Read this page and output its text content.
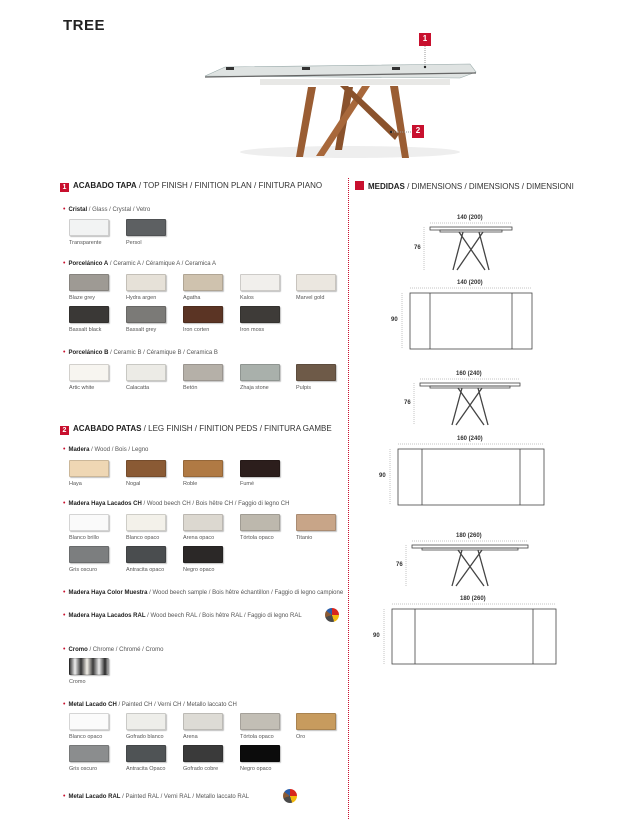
TREE
1
2
1 ACABADO TAPA / TOP FINISH / FINITION PLAN / FINITURA PIANO
2 ACABADO PATAS / LEG FINISH / FINITION PEDS / FINITURA GAMBE
MEDIDAS / DIMENSIONS / DIMENSIONS / DIMENSIONI
• Cristal / Glass / Crystal / Vetro
Transparente	Persol
• Porcelánico A / Ceramic A / Céramique A / Ceramica A
Blaze grey	Hydra argen	Agatha	Kalos	Marvel gold
Bassalt black	Bassalt grey	Iron corten	Iron moss
• Porcelánico B / Ceramic B / Céramique B / Ceramica B
Artic white	Calacatta	Betón	Zhaja stone	Pulpis
• Madera / Wood / Bois / Legno
Haya	Nogal	Roble	Fumé
• Madera Haya Lacados CH / Wood beech CH / Bois hêtre CH / Faggio di legno CH
Blanco brillo	Blanco opaco	Arena opaco	Tórtola opaco	Titanio
Gris oscuro	Antracita opaco	Negro opaco
• Madera Haya Color Muestra / Wood beech sample / Bois hêtre échantillon / Faggio di legno campione
• Madera Haya Lacados RAL / Wood beech RAL / Bois hêtre RAL / Faggio di legno RAL
• Cromo / Chrome / Chromé / Cromo
Cromo
• Metal Lacado CH / Painted CH / Verni CH / Metallo laccato CH
Blanco opaco	Gofrado blanco	Arena	Tórtola opaco	Oro
Gris oscuro	Antracita Opaco	Gofrado cobre	Negro opaco
• Metal Lacado RAL / Painted RAL / Verni RAL / Metallo laccato RAL
140 (200)
140 (200)
76
90
160 (240)
160 (240)
76
90
180 (260)
180 (260)
76
90
